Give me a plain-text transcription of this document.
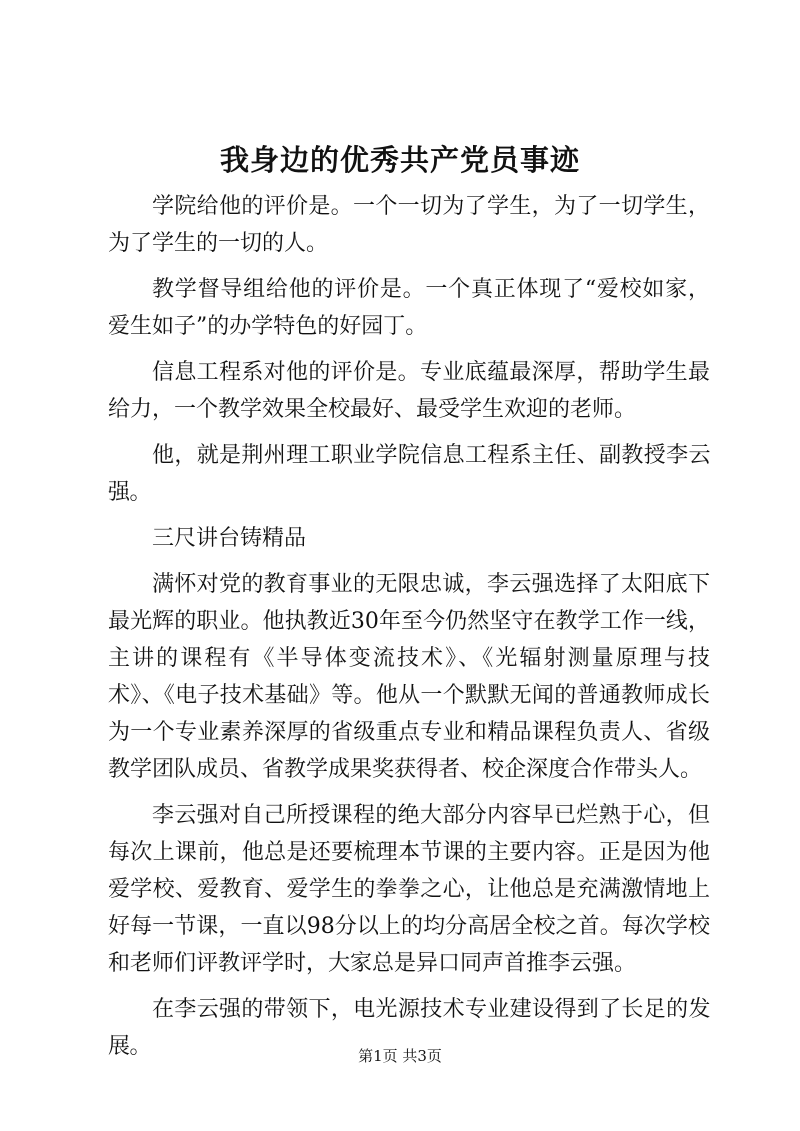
我身边的优秀共产党员事迹

学院给他的评价是。一个一切为了学生，为了一切学生，为了学生的一切的人。

教学督导组给他的评价是。一个真正体现了“爱校如家，爱生如子”的办学特色的好园丁。

信息工程系对他的评价是。专业底蕴最深厚，帮助学生最给力，一个教学效果全校最好、最受学生欢迎的老师。

他，就是荆州理工职业学院信息工程系主任、副教授李云强。

三尺讲台铸精品

满怀对党的教育事业的无限忠诚，李云强选择了太阳底下最光辉的职业。他执教近30年至今仍然坚守在教学工作一线，主讲的课程有《半导体变流技术》、《光辐射测量原理与技术》、《电子技术基础》等。他从一个默默无闻的普通教师成长为一个专业素养深厚的省级重点专业和精品课程负责人、省级教学团队成员、省教学成果奖获得者、校企深度合作带头人。

李云强对自己所授课程的绝大部分内容早已烂熟于心，但每次上课前，他总是还要梳理本节课的主要内容。正是因为他爱学校、爱教育、爱学生的拳拳之心，让他总是充满激情地上好每一节课，一直以98分以上的均分高居全校之首。每次学校和老师们评教评学时，大家总是异口同声首推李云强。

在李云强的带领下，电光源技术专业建设得到了长足的发展。	第1页 共3页
